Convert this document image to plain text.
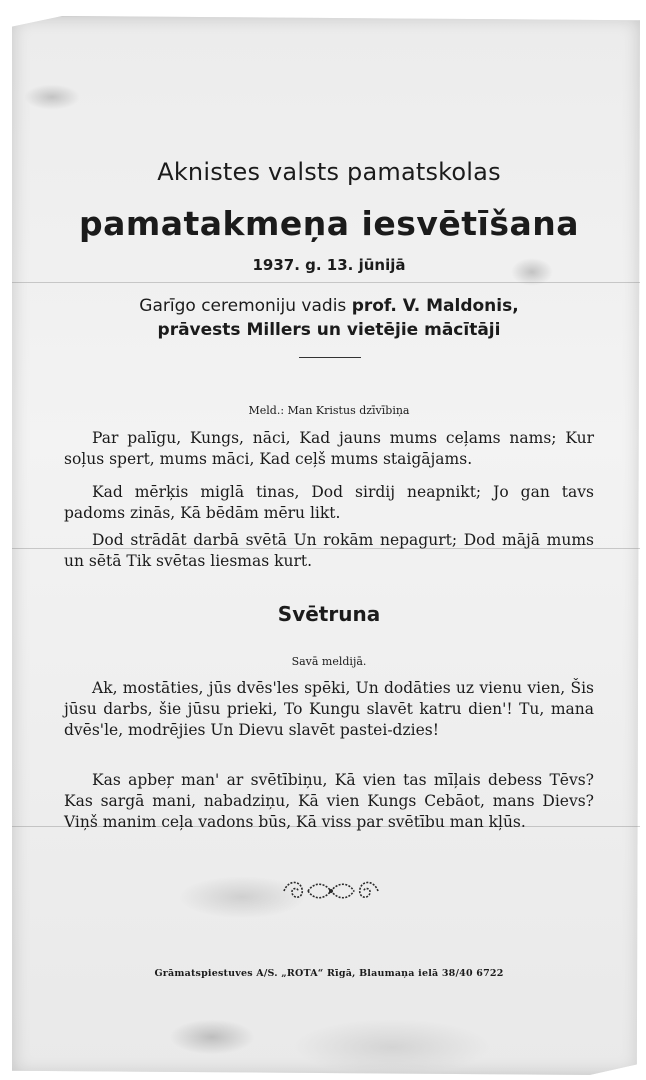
Aknistes valsts pamatskolas
pamatakmeņa iesvētīšana
1937. g. 13. jūnijā
Garīgo ceremoniju vadis prof. V. Maldonis,
prāvests Millers un vietējie mācītāji
Meld.: Man Kristus dzīvībiņa

Par palīgu, Kungs, nāci, Kad jauns mums ceļams nams; Kur soļus spert, mums māci, Kad ceļš mums staigājams.

Kad mērķis miglā tinas, Dod sirdij neapnikt; Jo gan tavs padoms zinās, Kā bēdām mēru likt.

Dod strādāt darbā svētā Un rokām nepagurt; Dod mājā mums un sētā Tik svētas liesmas kurt.

Svētruna
Savā meldijā.

Ak, mostāties, jūs dvēs'les spēki, Un dodāties uz vienu vien, Šis jūsu darbs, šie jūsu prieki, To Kungu slavēt katru dien'! Tu, mana dvēs'le, modrējies Un Dievu slavēt pastei-dzies!

Kas apbeŗ man' ar svētībiņu, Kā vien tas mīļais debess Tēvs? Kas sargā mani, nabadziņu, Kā vien Kungs Cebāot, mans Dievs? Viņš manim ceļa vadons būs, Kā viss par svētību man kļūs.

Grāmatspiestuves A/S. „ROTA“ Rīgā, Blaumaņa ielā 38/40 6722
